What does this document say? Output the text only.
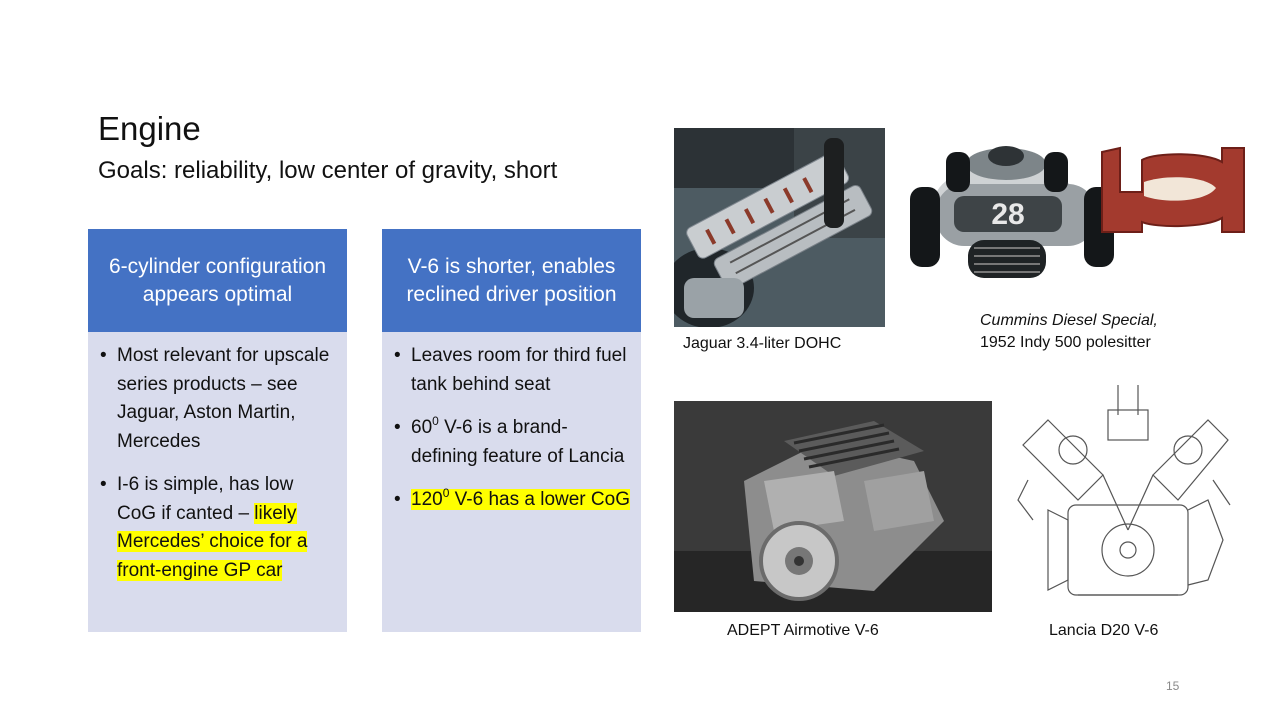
Engine
Goals: reliability, low center of gravity, short
6-cylinder configuration appears optimal
• Most relevant for upscale series products – see Jaguar, Aston Martin, Mercedes
• I-6 is simple, has low CoG if canted – likely Mercedes’ choice for a front-engine GP car
V-6 is shorter, enables reclined driver position
• Leaves room for third fuel tank behind seat
• $60^0$ V-6 is a brand-defining feature of Lancia
• $120^0$ V-6 has a lower CoG
Jaguar 3.4-liter DOHC
28
Cummins Diesel Special,
1952 Indy 500 polesitter
ADEPT Airmotive V-6	Lancia D20 V-6
15
